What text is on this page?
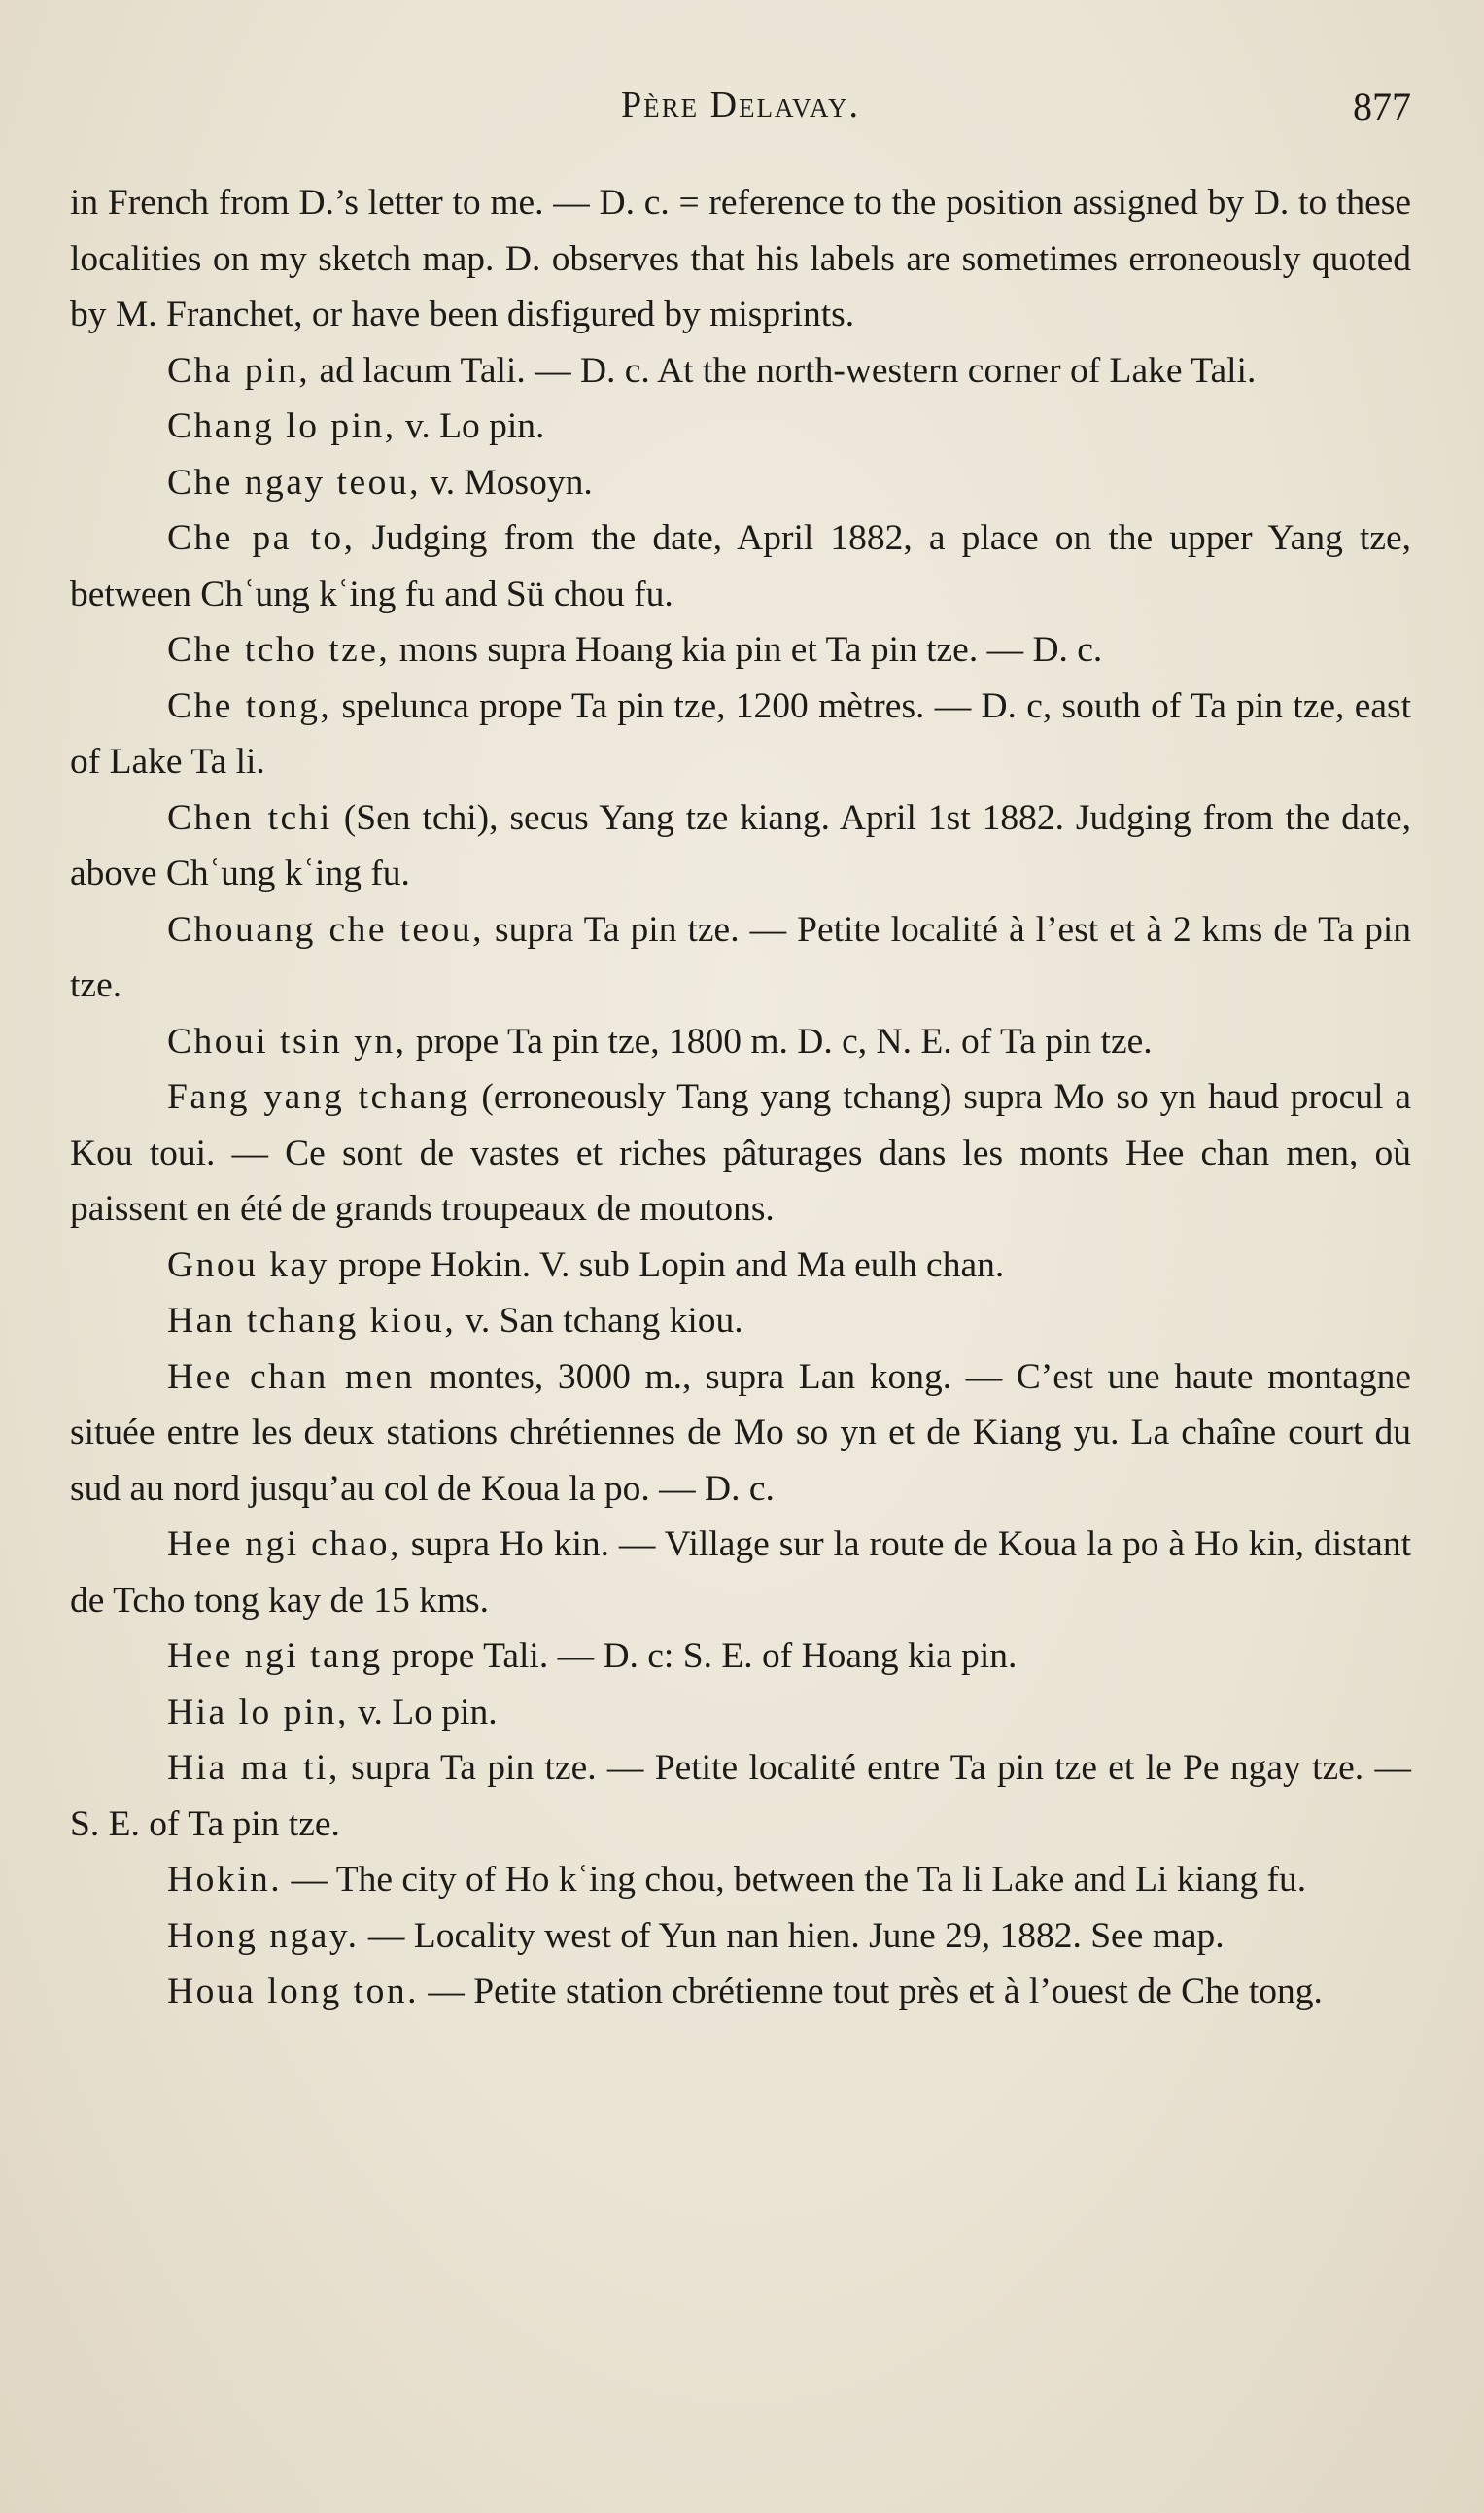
Père Delavay.	877

in French from D.’s letter to me. — D. c. = reference to the position assigned by D. to these localities on my sketch map. D. observes that his labels are sometimes erroneously quoted by M. Franchet, or have been disfigured by misprints.

Cha pin, ad lacum Tali. — D. c. At the north-western corner of Lake Tali.

Chang lo pin, v. Lo pin.

Che ngay teou, v. Mosoyn.

Che pa to, Judging from the date, April 1882, a place on the upper Yang tze, between Chʿung kʿing fu and Sü chou fu.

Che tcho tze, mons supra Hoang kia pin et Ta pin tze. — D. c.

Che tong, spelunca prope Ta pin tze, 1200 mètres. — D. c, south of Ta pin tze, east of Lake Ta li.

Chen tchi (Sen tchi), secus Yang tze kiang. April 1st 1882. Judging from the date, above Chʿung kʿing fu.

Chouang che teou, supra Ta pin tze. — Petite localité à l’est et à 2 kms de Ta pin tze.

Choui tsin yn, prope Ta pin tze, 1800 m. D. c, N. E. of Ta pin tze.

Fang yang tchang (erroneously Tang yang tchang) supra Mo so yn haud procul a Kou toui. — Ce sont de vastes et riches pâturages dans les monts Hee chan men, où paissent en été de grands troupeaux de moutons.

Gnou kay prope Hokin. V. sub Lopin and Ma eulh chan.

Han tchang kiou, v. San tchang kiou.

Hee chan men montes, 3000 m., supra Lan kong. — C’est une haute montagne située entre les deux stations chrétiennes de Mo so yn et de Kiang yu. La chaîne court du sud au nord jusqu’au col de Koua la po. — D. c.

Hee ngi chao, supra Ho kin. — Village sur la route de Koua la po à Ho kin, distant de Tcho tong kay de 15 kms.

Hee ngi tang prope Tali. — D. c: S. E. of Hoang kia pin.

Hia lo pin, v. Lo pin.

Hia ma ti, supra Ta pin tze. — Petite localité entre Ta pin tze et le Pe ngay tze. — S. E. of Ta pin tze.

Hokin. — The city of Ho kʿing chou, between the Ta li Lake and Li kiang fu.

Hong ngay. — Locality west of Yun nan hien. June 29, 1882. See map.

Houa long ton. — Petite station cbrétienne tout près et à l’ouest de Che tong.
